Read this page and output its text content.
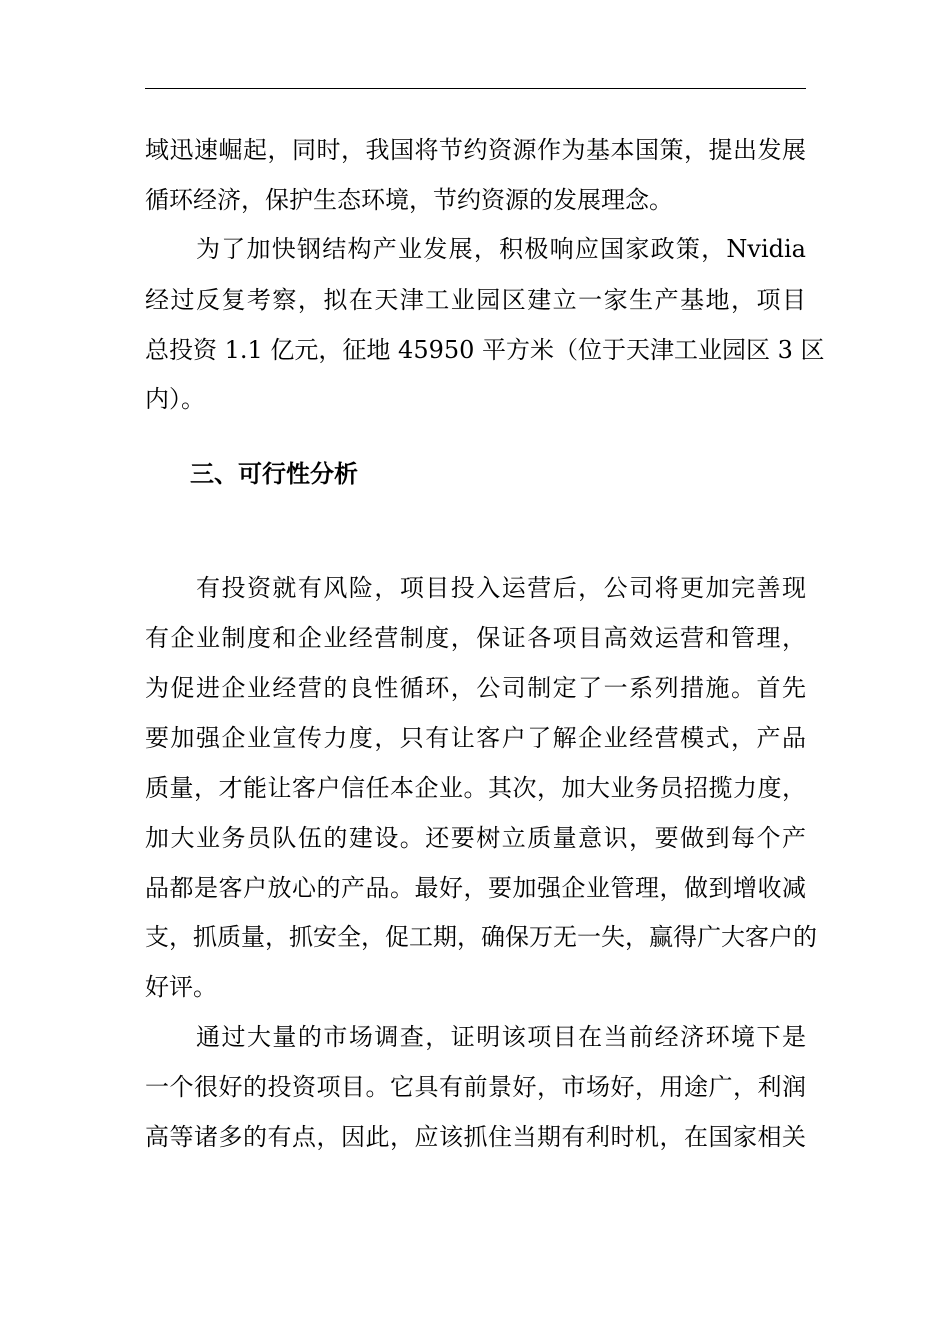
域迅速崛起，同时，我国将节约资源作为基本国策，提出发展
循环经济，保护生态环境，节约资源的发展理念。
为了加快钢结构产业发展，积极响应国家政策，Nvidia
经过反复考察，拟在天津工业园区建立一家生产基地，项目
总投资 1.1 亿元，征地 45950 平方米（位于天津工业园区 3 区
内）。
三、可行性分析
有投资就有风险，项目投入运营后，公司将更加完善现
有企业制度和企业经营制度，保证各项目高效运营和管理，
为促进企业经营的良性循环，公司制定了一系列措施。首先
要加强企业宣传力度，只有让客户了解企业经营模式，产品
质量，才能让客户信任本企业。其次，加大业务员招揽力度，
加大业务员队伍的建设。还要树立质量意识，要做到每个产
品都是客户放心的产品。最好，要加强企业管理，做到增收减
支，抓质量，抓安全，促工期，确保万无一失，赢得广大客户的
好评。
通过大量的市场调查，证明该项目在当前经济环境下是
一个很好的投资项目。它具有前景好，市场好，用途广，利润
高等诸多的有点，因此，应该抓住当期有利时机，在国家相关
